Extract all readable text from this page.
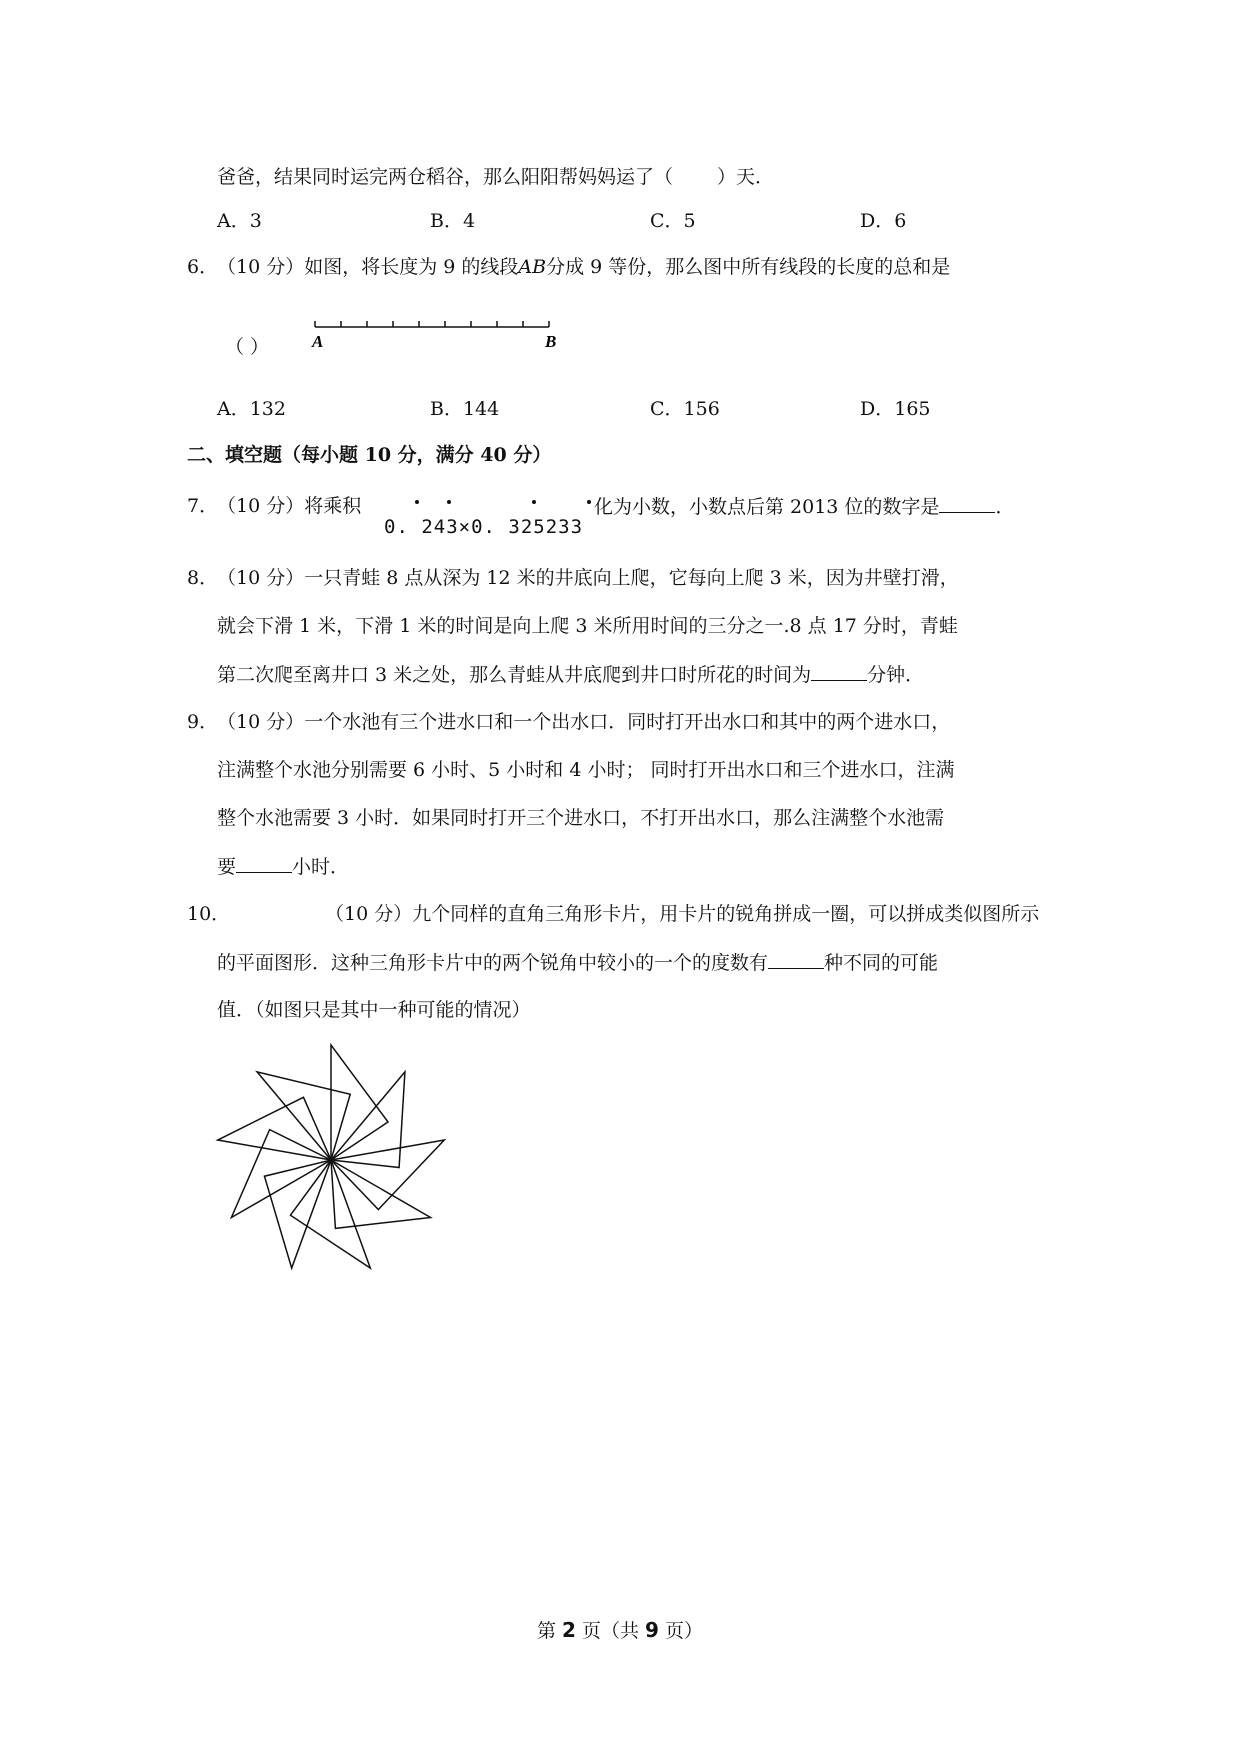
爸爸，结果同时运完两仓稻谷，那么阳阳帮妈妈运了（ ）天．
A．3	B．4	C．5	D．6
6．
（10 分）如图，将长度为 9 的线段AB分成 9 等份，那么图中所有线段的长度的总和是
（ ）	A	B
A．132	B．144	C．156	D．165
二、填空题（每小题 10 分，满分 40 分）
7．
（10 分）将乘积
0. 243×0. 325233
化为小数，小数点后第 2013 位的数字是	．
8．
（10 分）一只青蛙 8 点从深为 12 米的井底向上爬，它每向上爬 3 米，因为井壁打滑，
就会下滑 1 米，下滑 1 米的时间是向上爬 3 米所用时间的三分之一.8 点 17 分时，青蛙
第二次爬至离井口 3 米之处，那么青蛙从井底爬到井口时所花的时间为	分钟．
9．
（10 分）一个水池有三个进水口和一个出水口．同时打开出水口和其中的两个进水口，
注满整个水池分别需要 6 小时、5 小时和 4 小时； 同时打开出水口和三个进水口，注满
整个水池需要 3 小时．如果同时打开三个进水口，不打开出水口，那么注满整个水池需
要	小时．
10．	（10 分）九个同样的直角三角形卡片，用卡片的锐角拼成一圈，可以拼成类似图所示
的平面图形．这种三角形卡片中的两个锐角中较小的一个的度数有	种不同的可能
值．（如图只是其中一种可能的情况）
第 2 页（共 9 页）
